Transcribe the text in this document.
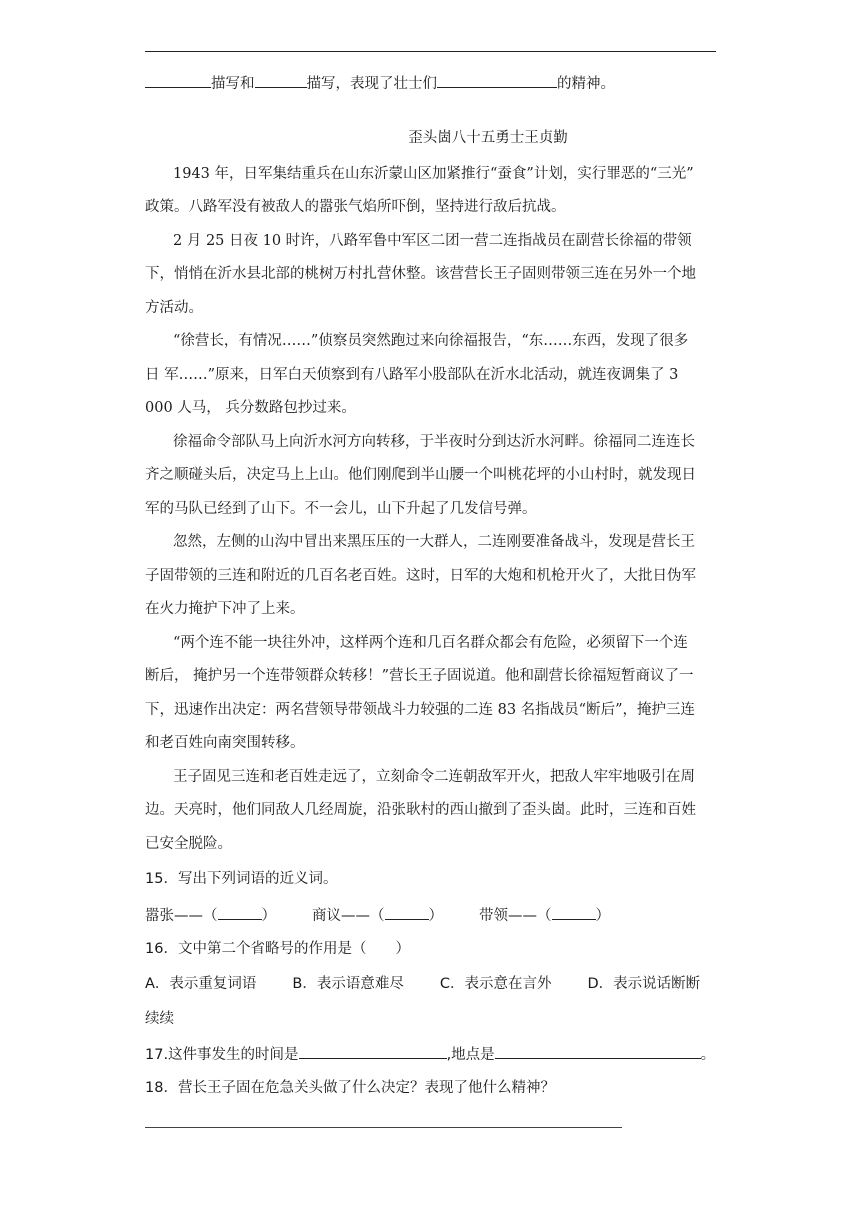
描写和	描写，表现了壮士们	的精神。
歪头崮八十五勇士王贞勤
1943 年，日军集结重兵在山东沂蒙山区加紧推行“蚕食”计划，实行罪恶的“三光”
政策。八路军没有被敌人的嚣张气焰所吓倒，坚持进行敌后抗战。
2 月 25 日夜 10 时许，八路军鲁中军区二团一营二连指战员在副营长徐福的带领
下，悄悄在沂水县北部的桃树万村扎营休整。该营营长王子固则带领三连在另外一个地
方活动。
“徐营长，有情况……”侦察员突然跑过来向徐福报告，“东……东西，发现了很多
日 军……”原来，日军白天侦察到有八路军小股部队在沂水北活动，就连夜调集了 3
000 人马， 兵分数路包抄过来。
徐福命令部队马上向沂水河方向转移，于半夜时分到达沂水河畔。徐福同二连连长
齐之顺碰头后，决定马上上山。他们刚爬到半山腰一个叫桃花坪的小山村时，就发现日
军的马队已经到了山下。不一会儿，山下升起了几发信号弹。
忽然，左侧的山沟中冒出来黑压压的一大群人，二连刚要准备战斗，发现是营长王
子固带领的三连和附近的几百名老百姓。这时，日军的大炮和机枪开火了，大批日伪军
在火力掩护下冲了上来。
“两个连不能一块往外冲，这样两个连和几百名群众都会有危险，必须留下一个连
断后， 掩护另一个连带领群众转移！”营长王子固说道。他和副营长徐福短暂商议了一
下，迅速作出决定：两名营领导带领战斗力较强的二连 83 名指战员“断后”，掩护三连
和老百姓向南突围转移。
王子固见三连和老百姓走远了，立刻命令二连朝敌军开火，把敌人牢牢地吸引在周
边。天亮时，他们同敌人几经周旋，沿张耿村的西山撤到了歪头崮。此时，三连和百姓
已安全脱险。
15．写出下列词语的近义词。
嚣张——（	） 商议——（	） 带领——（	）
16．文中第二个省略号的作用是（　　）
A．表示重复词语 B．表示语意难尽 C．表示意在言外 D．表示说话断断
续续
17.这件事发生的时间是	,地点是	。
18．营长王子固在危急关头做了什么决定？表现了他什么精神？
